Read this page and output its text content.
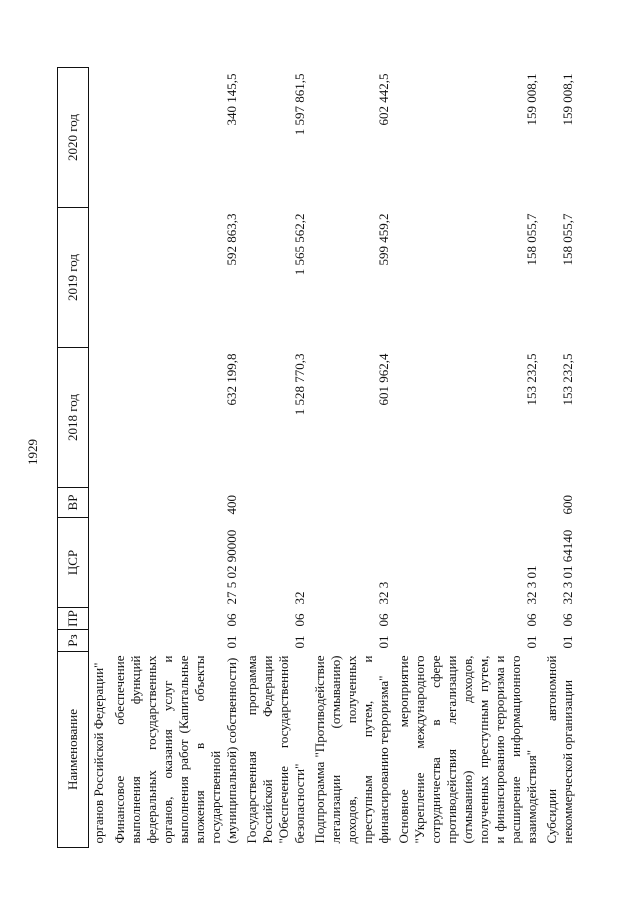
1929
Наименование	Рз	ПР	ЦСР	ВР	2018 год	2019 год	2020 год
органов Российской Федерации"							
Финансовое обеспечение выполнения функций федеральных государственных органов, оказания услуг и выполнения работ (Капитальные вложения в объекты государственной (муниципальной) собственности)	01	06	27 5 02 90000	400	632 199,8	592 863,3	340 145,5
Государственная программа Российской Федерации "Обеспечение государственной безопасности"	01	06	32		1 528 770,3	1 565 562,2	1 597 861,5
Подпрограмма "Противодействие легализации (отмыванию) доходов, полученных преступным путем, и финансированию терроризма"	01	06	32 3		601 962,4	599 459,2	602 442,5
Основное мероприятие "Укрепление международного сотрудничества в сфере противодействия легализации (отмыванию) доходов, полученных преступным путем, и финансированию терроризма и расширение информационного взаимодействия"	01	06	32 3 01		153 232,5	158 055,7	159 008,1
Субсидии автономной некоммерческой организации	01	06	32 3 01 64140	600	153 232,5	158 055,7	159 008,1
